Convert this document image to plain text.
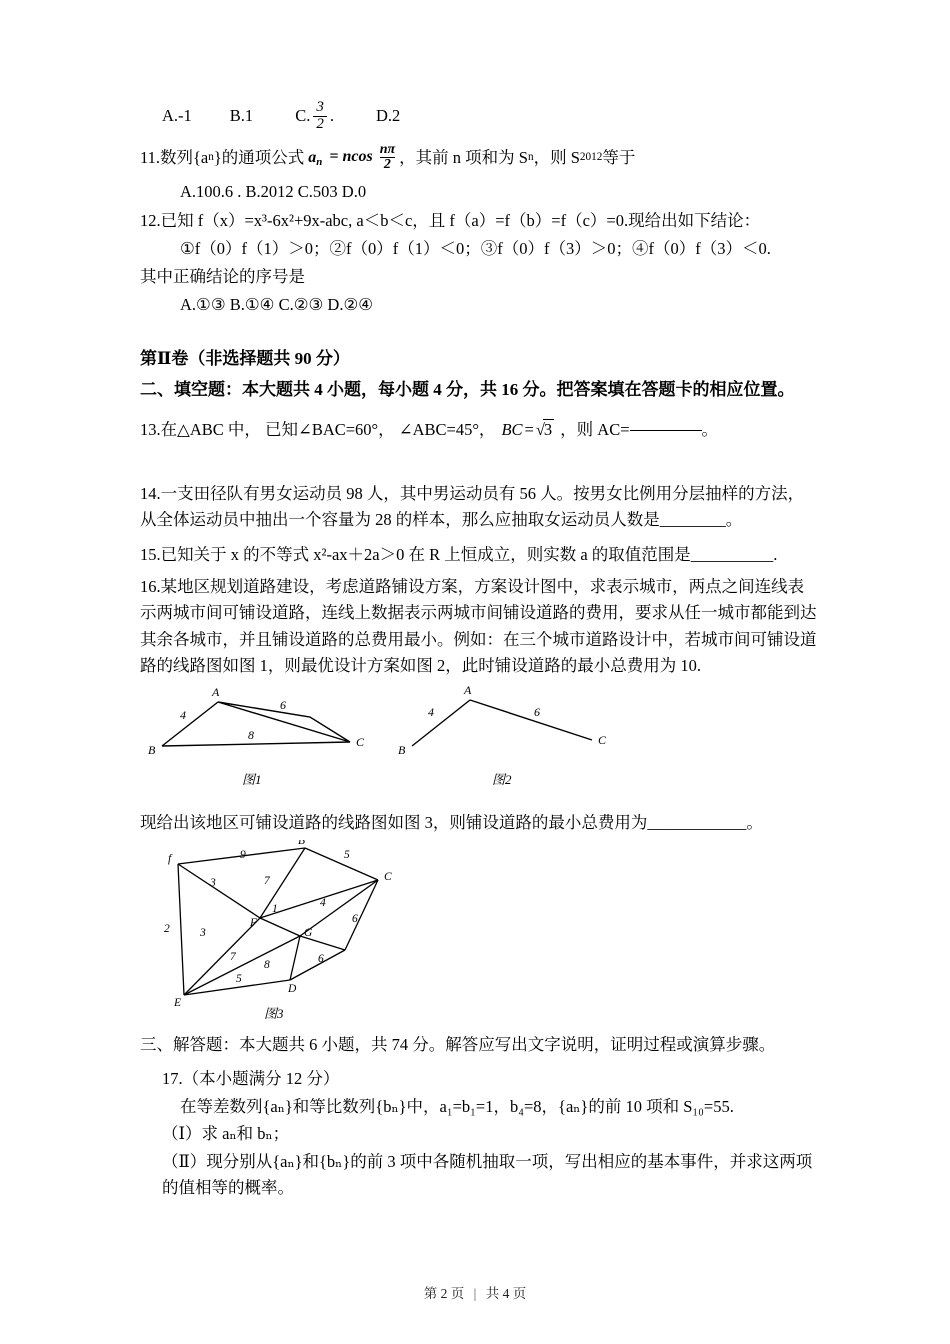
A.-1 B.1	C. $\frac{3}{2}$ .	D.2
11.数列{a n }的通项公式 $a_n = ncos \frac{n\pi}{2}$ ，其前 n 项和为 S n ，则 S 2012 等于
A.100.6 . B.2012 C.503 D.0
12.已知 f（x）=x³-6x²+9x-abc, a＜b＜c，且 f（a）=f（b）=f（c）=0.现给出如下结论：
①f（0）f（1）＞0；②f（0）f（1）＜0；③f（0）f（3）＞0；④f（0）f（3）＜0.
其中正确结论的序号是
A.①③ B.①④ C.②③ D.②④
第Ⅱ卷（非选择题共 90 分）
二、填空题：本大题共 4 小题，每小题 4 分，共 16 分。把答案填在答题卡的相应位置。
13.在△ABC 中， 已知∠BAC=60°， ∠ABC=45°， BC = √3 ，则 AC=	。
14.一支田径队有男女运动员 98 人，其中男运动员有 56 人。按男女比例用分层抽样的方法，从全体运动员中抽出一个容量为 28 的样本，那么应抽取女运动员人数是________。
15.已知关于 x 的不等式 x²-ax＋2a＞0 在 R 上恒成立，则实数 a 的取值范围是__________.
16.某地区规划道路建设，考虑道路铺设方案，方案设计图中，求表示城市，两点之间连线表示两城市间可铺设道路，连线上数据表示两城市间铺设道路的费用，要求从任一城市都能到达其余各城市，并且铺设道路的总费用最小。例如：在三个城市道路设计中，若城市间可铺设道路的线路图如图 1，则最优设计方案如图 2，此时铺设道路的最小总费用为 10.
A
B
C
4
6
8
图1
A
B
C
4	6
图2
现给出该地区可铺设道路的线路图如图 3，则铺设道路的最小总费用为____________。
B
C
f
F
G
E
D
9	5
7
3
1	4
2	3
7
8	6
6
5
图3
三、解答题：本大题共 6 小题，共 74 分。解答应写出文字说明，证明过程或演算步骤。
17.（本小题满分 12 分）
在等差数列{aₙ}和等比数列{bₙ}中，a₁=b₁=1，b₄=8，{aₙ}的前 10 项和 S₁₀=55.
（Ⅰ）求 aₙ和 bₙ；
（Ⅱ）现分别从{aₙ}和{bₙ}的前 3 项中各随机抽取一项，写出相应的基本事件，并求这两项的值相等的概率。
第 2 页 | 共 4 页
